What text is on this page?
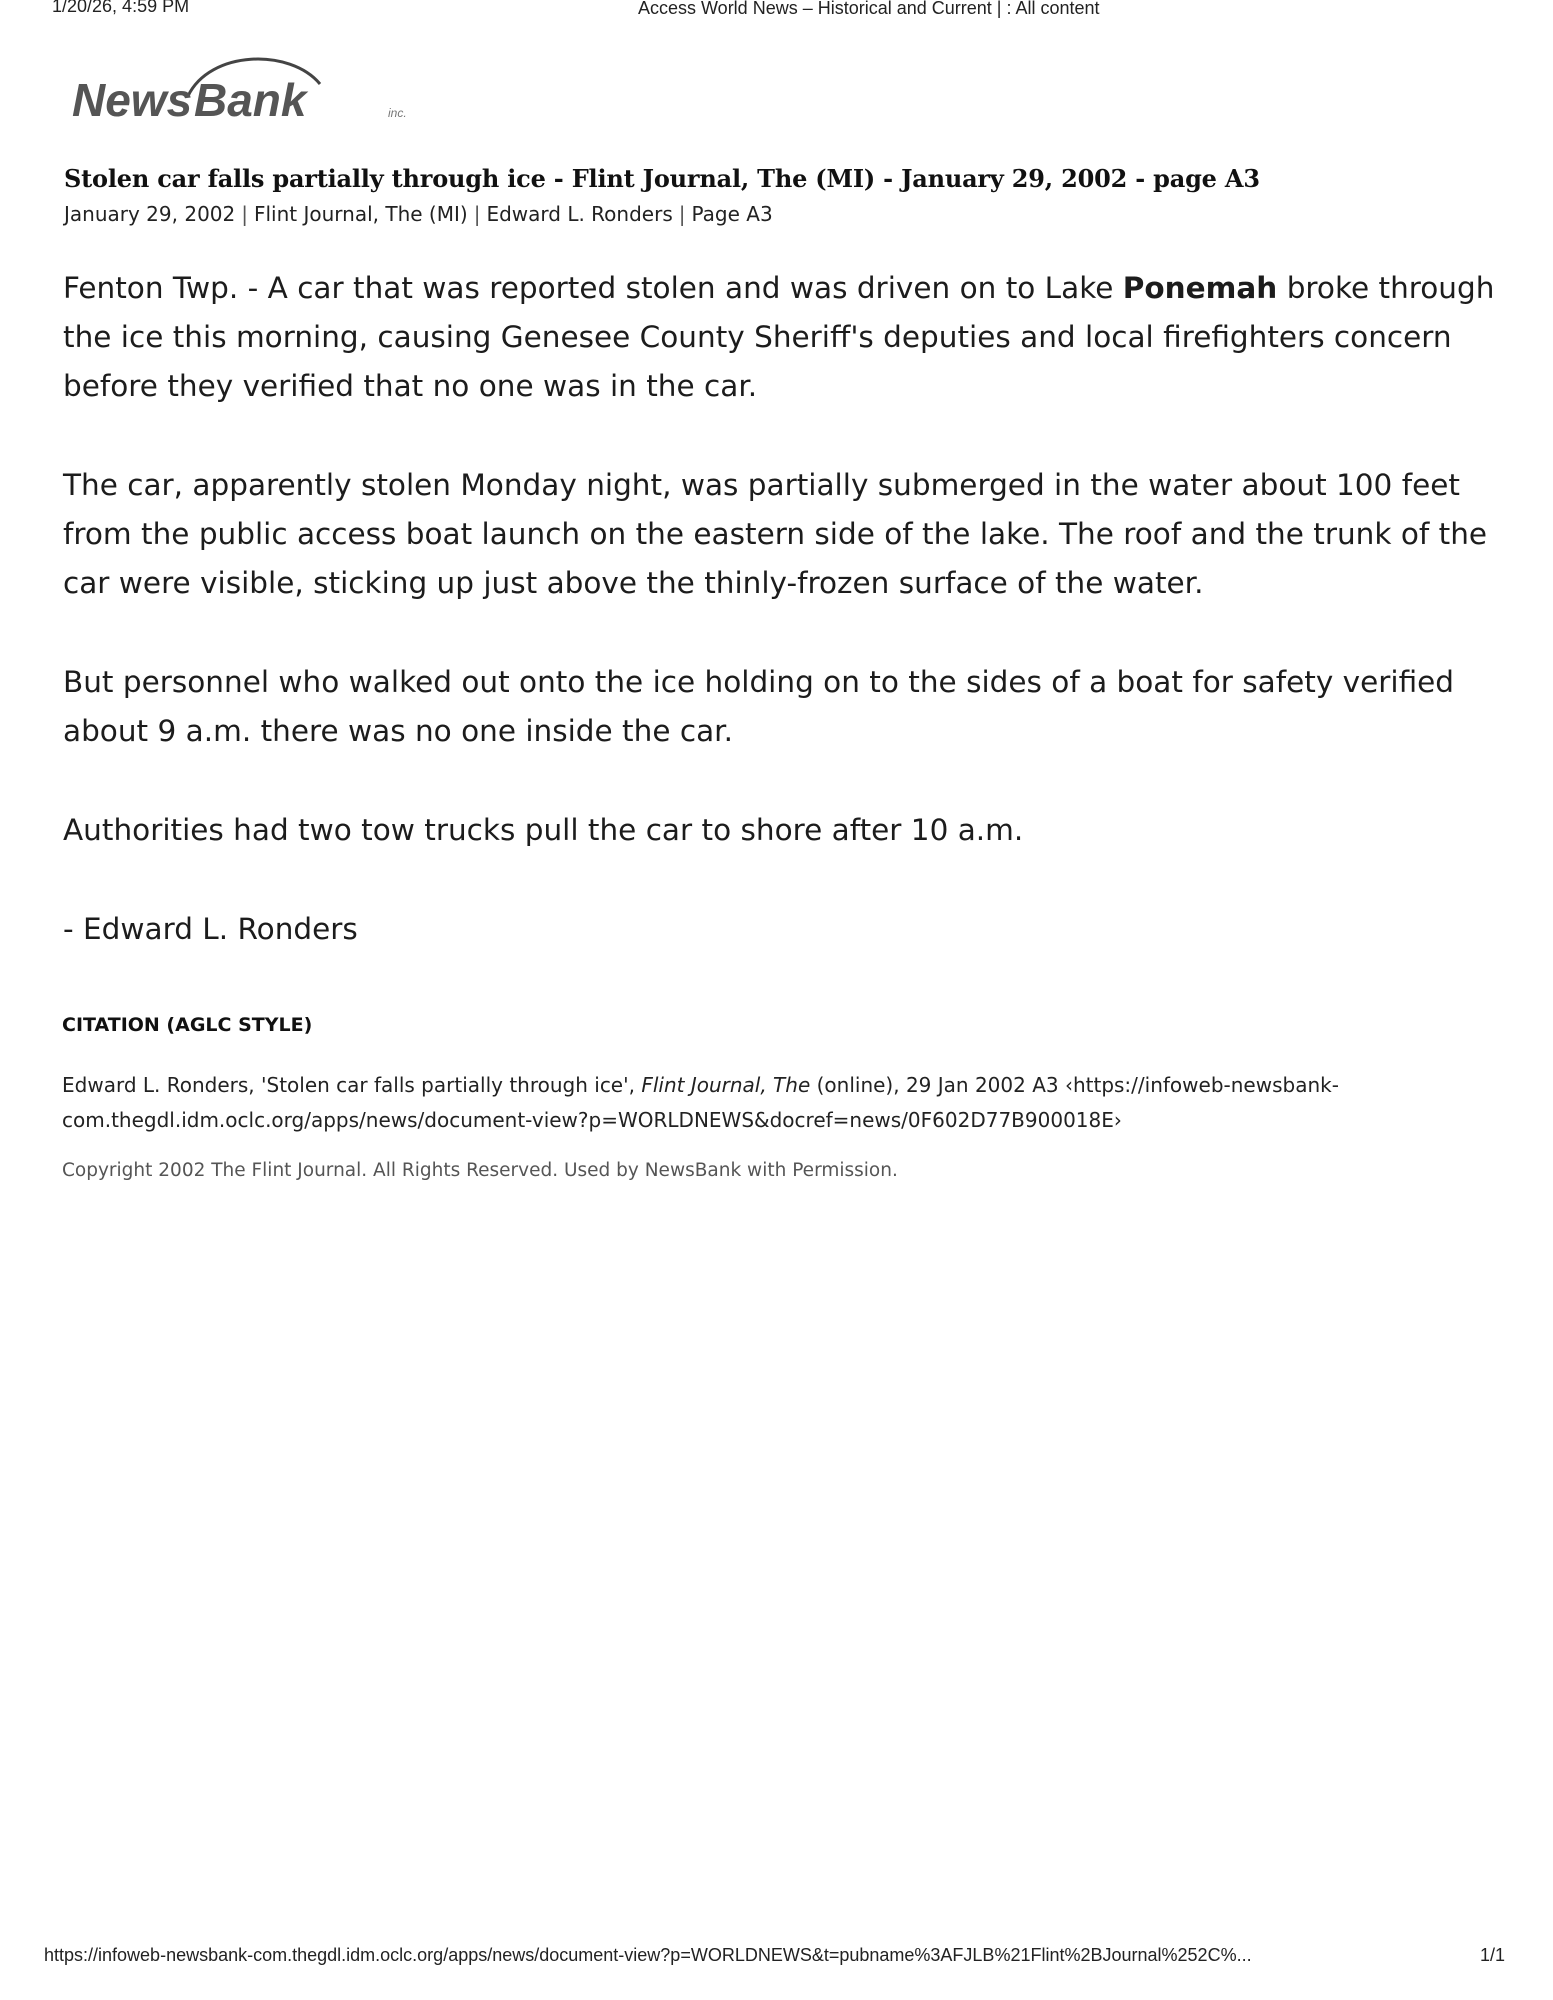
1/20/26, 4:59 PM	Access World News – Historical and Current | : All content
News Bank	inc.
Stolen car falls partially through ice - Flint Journal, The (MI) - January 29, 2002 - page A3
January 29, 2002 | Flint Journal, The (MI) | Edward L. Ronders | Page A3

Fenton Twp. - A car that was reported stolen and was driven on to Lake Ponemah broke through the ice this morning, causing Genesee County Sheriff's deputies and local firefighters concern before they verified that no one was in the car.

The car, apparently stolen Monday night, was partially submerged in the water about 100 feet from the public access boat launch on the eastern side of the lake. The roof and the trunk of the car were visible, sticking up just above the thinly-frozen surface of the water.

But personnel who walked out onto the ice holding on to the sides of a boat for safety verified about 9 a.m. there was no one inside the car.

Authorities had two tow trucks pull the car to shore after 10 a.m.

- Edward L. Ronders

CITATION (AGLC STYLE)
Edward L. Ronders, 'Stolen car falls partially through ice', Flint Journal, The (online), 29 Jan 2002 A3 ‹https://infoweb-newsbank-com.thegdl.idm.oclc.org/apps/news/document-view?p=WORLDNEWS&docref=news/0F602D77B900018E›
Copyright 2002 The Flint Journal. All Rights Reserved. Used by NewsBank with Permission.
https://infoweb-newsbank-com.thegdl.idm.oclc.org/apps/news/document-view?p=WORLDNEWS&t=pubname%3AFJLB%21Flint%2BJournal%252C%...	1/1
